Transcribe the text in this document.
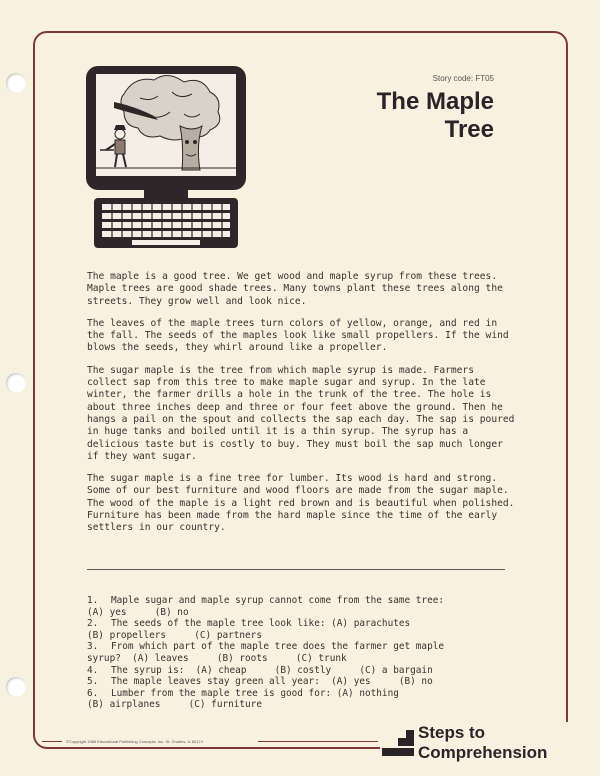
Story code: FT05
The Maple
Tree

The maple is a good tree. We get wood and maple syrup from these trees. Maple trees are good shade trees. Many towns plant these trees along the streets. They grow well and look nice.

The leaves of the maple trees turn colors of yellow, orange, and red in the fall. The seeds of the maples look like small propellers. If the wind blows the seeds, they whirl around like a propeller.

The sugar maple is the tree from which maple syrup is made. Farmers collect sap from this tree to make maple sugar and syrup. In the late winter, the farmer drills a hole in the trunk of the tree. The hole is about three inches deep and three or four feet above the ground. Then he hangs a pail on the spout and collects the sap each day. The sap is poured in huge tanks and boiled until it is a thin syrup. The syrup has a delicious taste but is costly to buy. They must boil the sap much longer if they want sugar.

The sugar maple is a fine tree for lumber. Its wood is hard and strong. Some of our best furniture and wood floors are made from the sugar maple. The wood of the maple is a light red brown and is beautiful when polished. Furniture has been made from the hard maple since the time of the early settlers in our country.

1.	Maple sugar and maple syrup cannot come from the same tree:
(A) yes     (B) no
2.	The seeds of the maple tree look like: (A) parachutes
(B) propellers     (C) partners
3.	From which part of the maple tree does the farmer get maple
syrup?  (A) leaves     (B) roots     (C) trunk
4.	The syrup is:  (A) cheap     (B) costly     (C) a bargain
5.	The maple leaves stay green all year:  (A) yes     (B) no
6.	Lumber from the maple tree is good for: (A) nothing
(B) airplanes     (C) furniture
©Copyright 1986 Educational Publishing Concepts, Inc. St. Charles, IL 60174	Steps to
Comprehension
